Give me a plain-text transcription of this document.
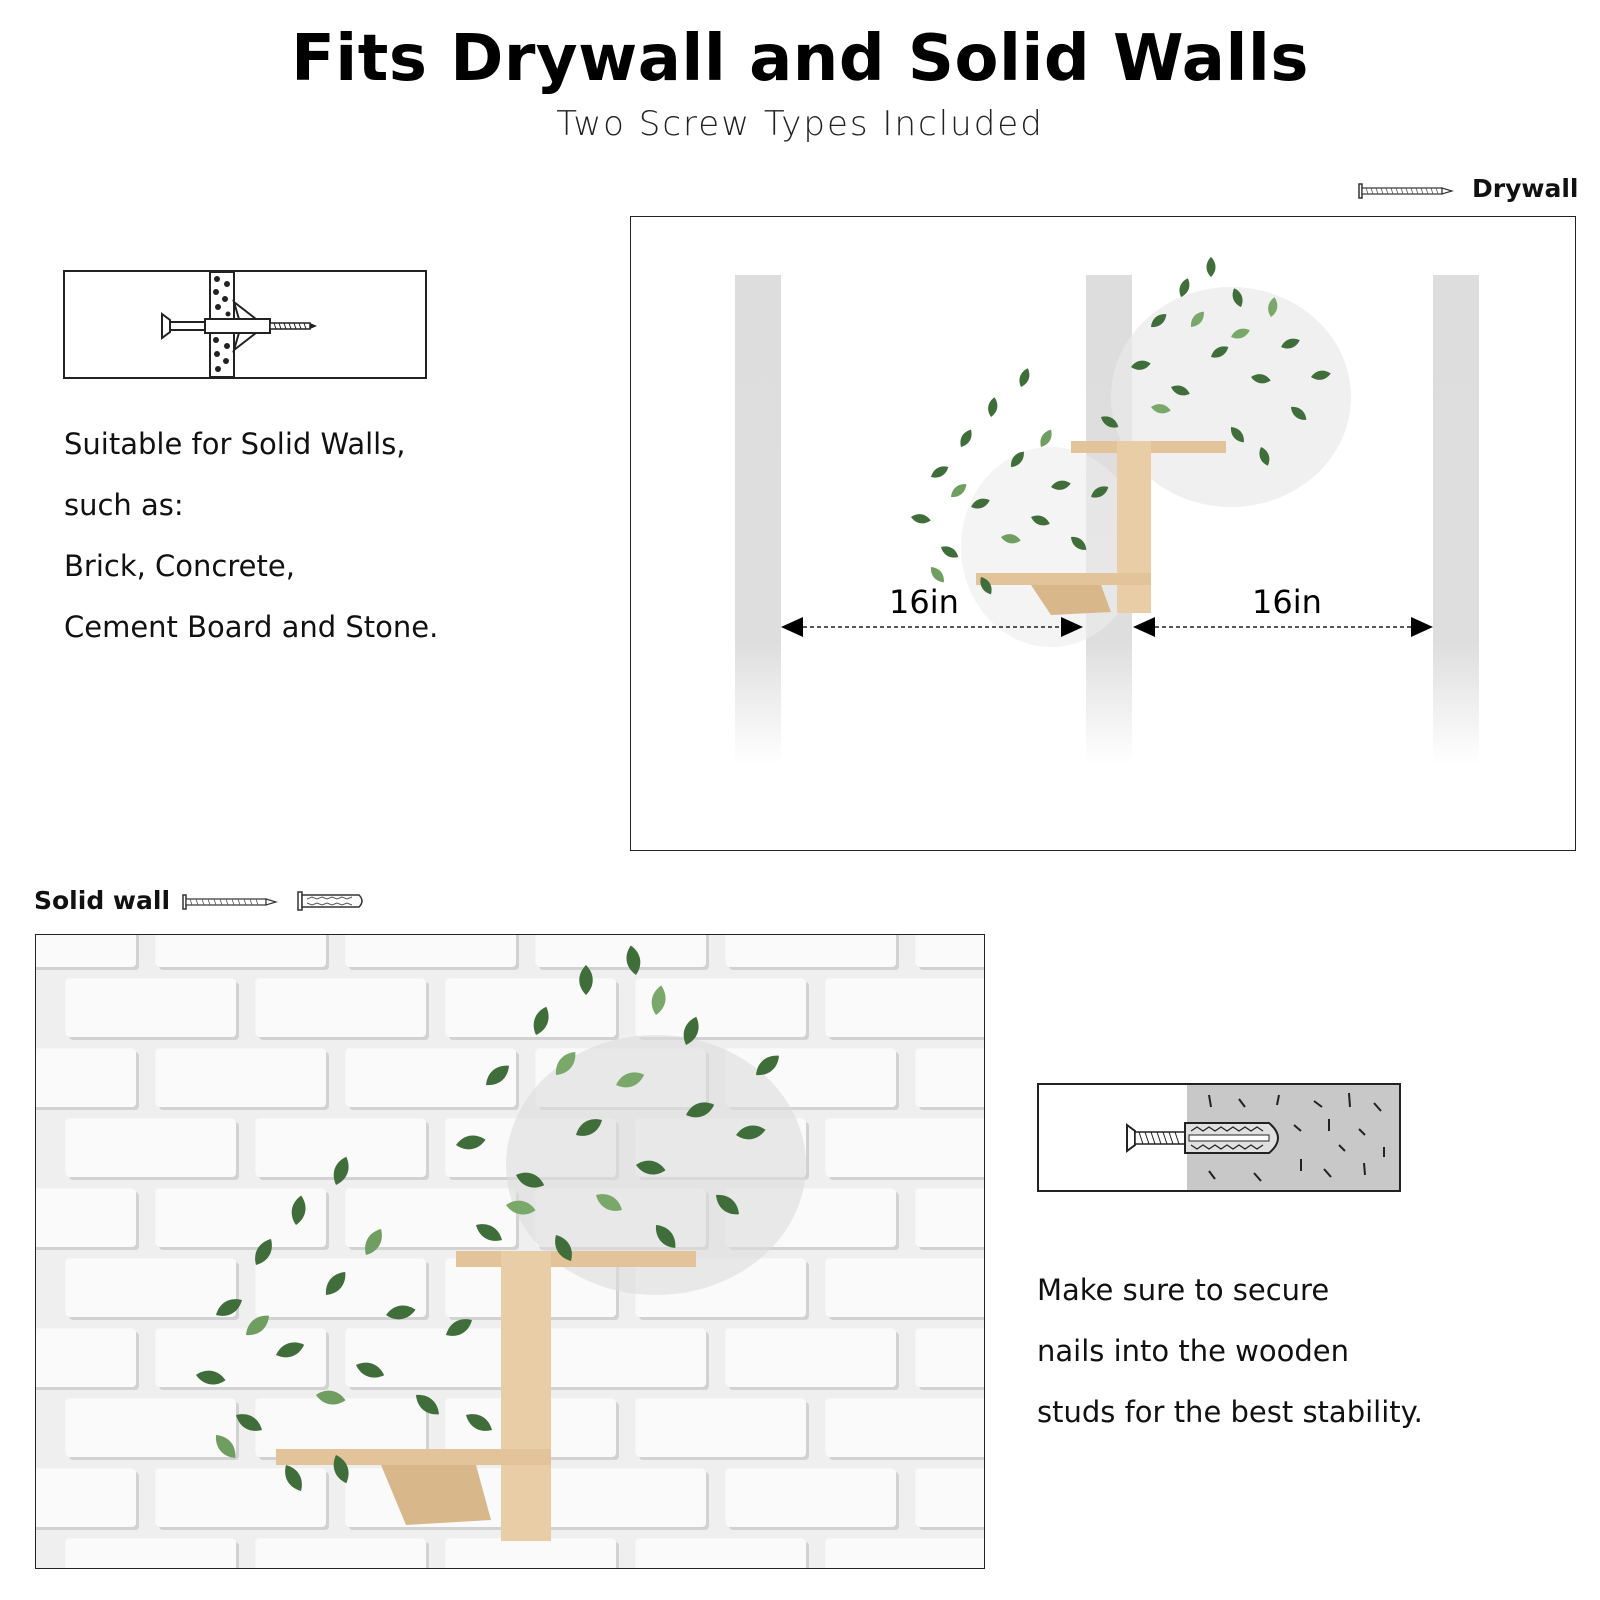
Fits Drywall and Solid Walls
Two Screw Types Included
Suitable for Solid Walls,
such as:
Brick, Concrete,
Cement Board and Stone.
Drywall
16in	16in
Solid wall
Make sure to secure
nails into the wooden
studs for the best stability.
